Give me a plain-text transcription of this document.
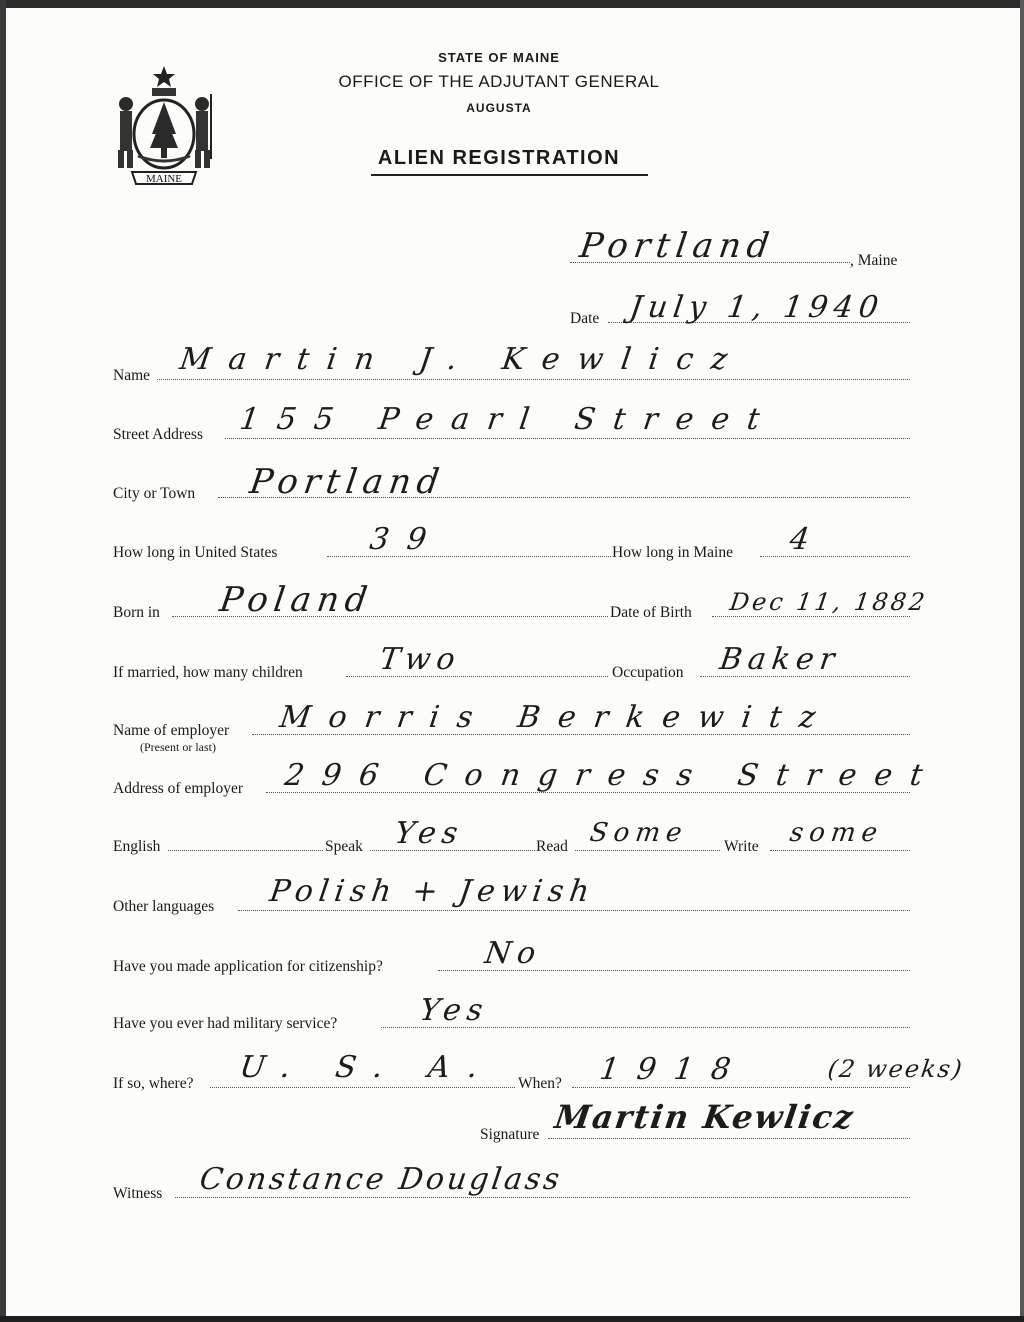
MAINE
STATE OF MAINE
OFFICE OF THE ADJUTANT GENERAL
AUGUSTA
ALIEN REGISTRATION
Portland	, Maine
Date July 1, 1940
Name Martin J. Kewlicz
Street Address 155 Pearl Street
City or Town Portland
How long in United States	39	How long in Maine 4
Born in Poland	Date of Birth Dec 11, 1882
If married, how many children Two	Occupation Baker
Name of employer
(Present or last)
Morris Berkewitz
Address of employer 296 Congress Street
English	Speak Yes	Read Some Write some
Other languages Polish + Jewish
Have you made application for citizenship?	No
Have you ever had military service?	Yes
If so, where? U. S. A. When? 1918	(2 weeks)
Signature Martin Kewlicz
Witness Constance Douglass
